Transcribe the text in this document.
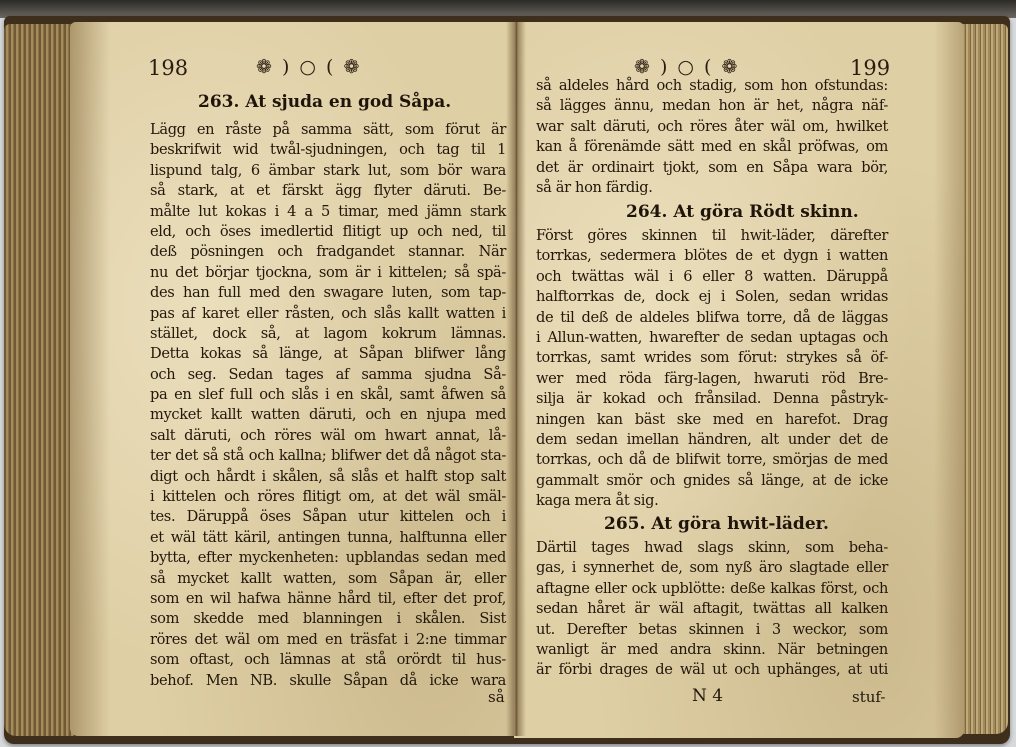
198	❁ ) ○ ( ❁
263. At sjuda en god Såpa.
Lägg en råste på samma sätt, som förut är
beskrifwit wid twål-sjudningen, och tag til 1
lispund talg, 6 ämbar stark lut, som bör wara
så stark, at et färskt ägg flyter däruti. Be-
målte lut kokas i 4 a 5 timar, med jämn stark
eld, och öses imedlertid flitigt up och ned, til
deß pösningen och fradgandet stannar. När
nu det börjar tjockna, som är i kittelen; så spä-
des han full med den swagare luten, som tap-
pas af karet eller råsten, och slås kallt watten i
stället, dock så, at lagom kokrum lämnas.
Detta kokas så länge, at Såpan blifwer lång
och seg. Sedan tages af samma sjudna Så-
pa en slef full och slås i en skål, samt åfwen så
mycket kallt watten däruti, och en njupa med
salt däruti, och röres wäl om hwart annat, lå-
ter det så stå och kallna; blifwer det då något sta-
digt och hårdt i skålen, så slås et halft stop salt
i kittelen och röres flitigt om, at det wäl smäl-
tes. Däruppå öses Såpan utur kittelen och i
et wäl tätt käril, antingen tunna, halftunna eller
bytta, efter myckenheten: upblandas sedan med
så mycket kallt watten, som Såpan är, eller
som en wil hafwa hänne hård til, efter det prof,
som skedde med blanningen i skålen. Sist
röres det wäl om med en träsfat i 2:ne timmar
som oftast, och lämnas at stå orördt til hus-
behof. Men NB. skulle Såpan då icke wara
så
❁ ) ○ ( ❁	199
så aldeles hård och stadig, som hon ofstundas:
så lägges ännu, medan hon är het, några näf-
war salt däruti, och röres åter wäl om, hwilket
kan å förenämde sätt med en skål pröfwas, om
det är ordinairt tjokt, som en Såpa wara bör,
så är hon färdig.
264. At göra Rödt skinn.
Först göres skinnen til hwit-läder, därefter
torrkas, sedermera blötes de et dygn i watten
och twättas wäl i 6 eller 8 watten. Däruppå
halftorrkas de, dock ej i Solen, sedan wridas
de til deß de aldeles blifwa torre, då de läggas
i Allun-watten, hwarefter de sedan uptagas och
torrkas, samt wrides som förut: strykes så öf-
wer med röda färg-lagen, hwaruti röd Bre-
silja är kokad och frånsilad. Denna påstryk-
ningen kan bäst ske med en harefot. Drag
dem sedan imellan händren, alt under det de
torrkas, och då de blifwit torre, smörjas de med
gammalt smör och gnides så länge, at de icke
kaga mera åt sig.
265. At göra hwit-läder.
Därtil tages hwad slags skinn, som beha-
gas, i synnerhet de, som nyß äro slagtade eller
aftagne eller ock upblötte: deße kalkas först, och
sedan håret är wäl aftagit, twättas all kalken
ut. Derefter betas skinnen i 3 weckor, som
wanligt är med andra skinn. När betningen
är förbi drages de wäl ut och uphänges, at uti
N 4	stuf-
